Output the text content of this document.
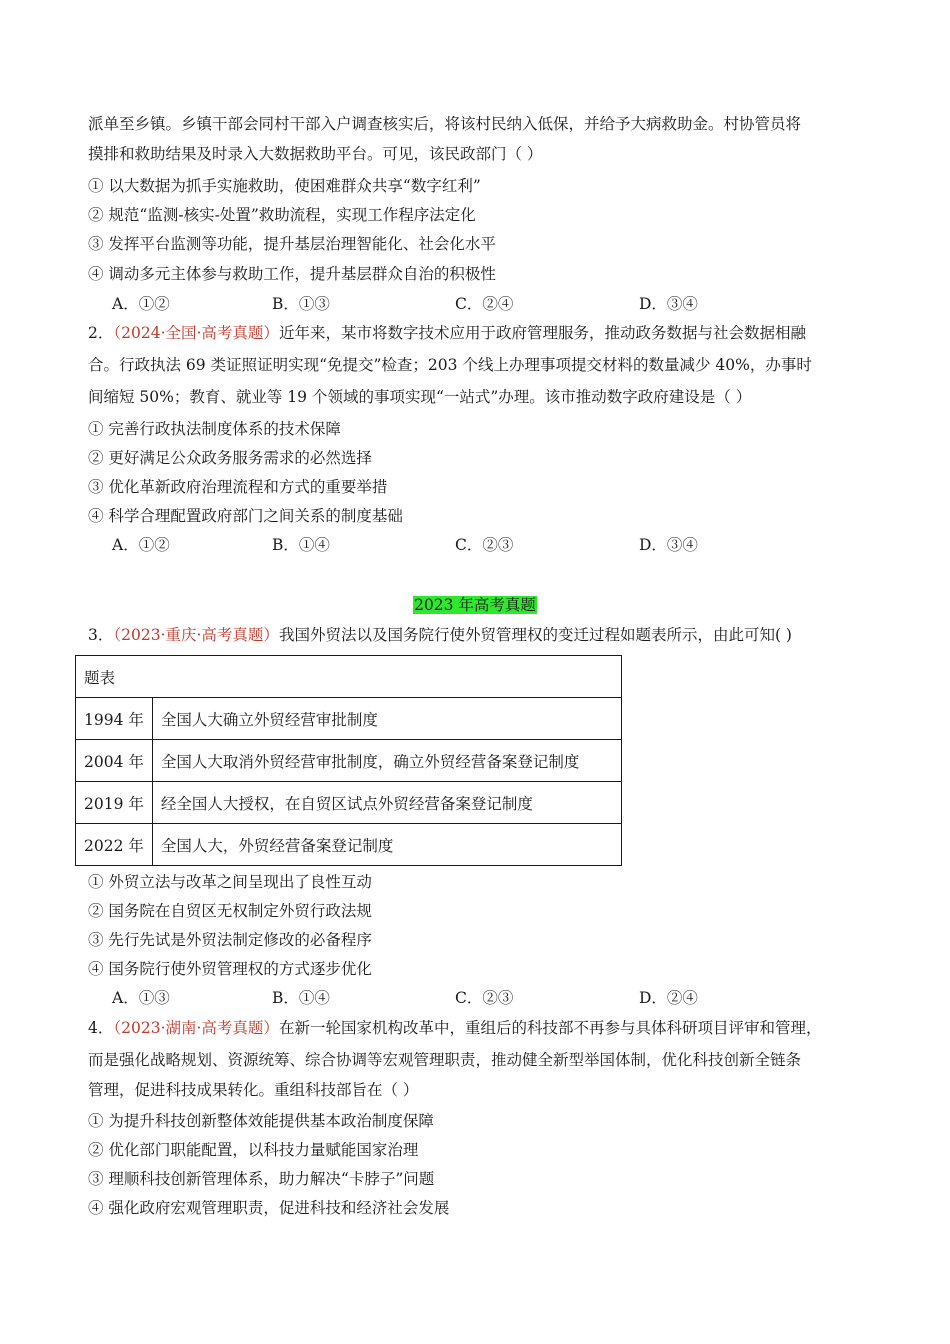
派单至乡镇。乡镇干部会同村干部入户调查核实后，将该村民纳入低保，并给予大病救助金。村协管员将
摸排和救助结果及时录入大数据救助平台。可见，该民政部门（ ）
① 以大数据为抓手实施救助，使困难群众共享“数字红利”
② 规范“监测-核实-处置”救助流程，实现工作程序法定化
③ 发挥平台监测等功能，提升基层治理智能化、社会化水平
④ 调动多元主体参与救助工作，提升基层群众自治的积极性
A．①②	B．①③	C．②④	D．③④
2．（2024·全国·高考真题）近年来，某市将数字技术应用于政府管理服务，推动政务数据与社会数据相融
合。行政执法 69 类证照证明实现“免提交”检查；203 个线上办理事项提交材料的数量减少 40%，办事时
间缩短 50%；教育、就业等 19 个领域的事项实现“一站式”办理。该市推动数字政府建设是（ ）
① 完善行政执法制度体系的技术保障
② 更好满足公众政务服务需求的必然选择
③ 优化革新政府治理流程和方式的重要举措
④ 科学合理配置政府部门之间关系的制度基础
A．①②	B．①④	C．②③	D．③④
2023 年高考真题
3．（2023·重庆·高考真题）我国外贸法以及国务院行使外贸管理权的变迁过程如题表所示，由此可知( )
题表	
1994 年	全国人大确立外贸经营审批制度
2004 年	全国人大取消外贸经营审批制度，确立外贸经营备案登记制度
2019 年	经全国人大授权，在自贸区试点外贸经营备案登记制度
2022 年	全国人大，外贸经营备案登记制度
① 外贸立法与改革之间呈现出了良性互动
② 国务院在自贸区无权制定外贸行政法规
③ 先行先试是外贸法制定修改的必备程序
④ 国务院行使外贸管理权的方式逐步优化
A．①③	B．①④	C．②③	D．②④
4．（2023·湖南·高考真题）在新一轮国家机构改革中，重组后的科技部不再参与具体科研项目评审和管理，
而是强化战略规划、资源统筹、综合协调等宏观管理职责，推动健全新型举国体制，优化科技创新全链条
管理，促进科技成果转化。重组科技部旨在（ ）
① 为提升科技创新整体效能提供基本政治制度保障
② 优化部门职能配置，以科技力量赋能国家治理
③ 理顺科技创新管理体系，助力解决“卡脖子”问题
④ 强化政府宏观管理职责，促进科技和经济社会发展
